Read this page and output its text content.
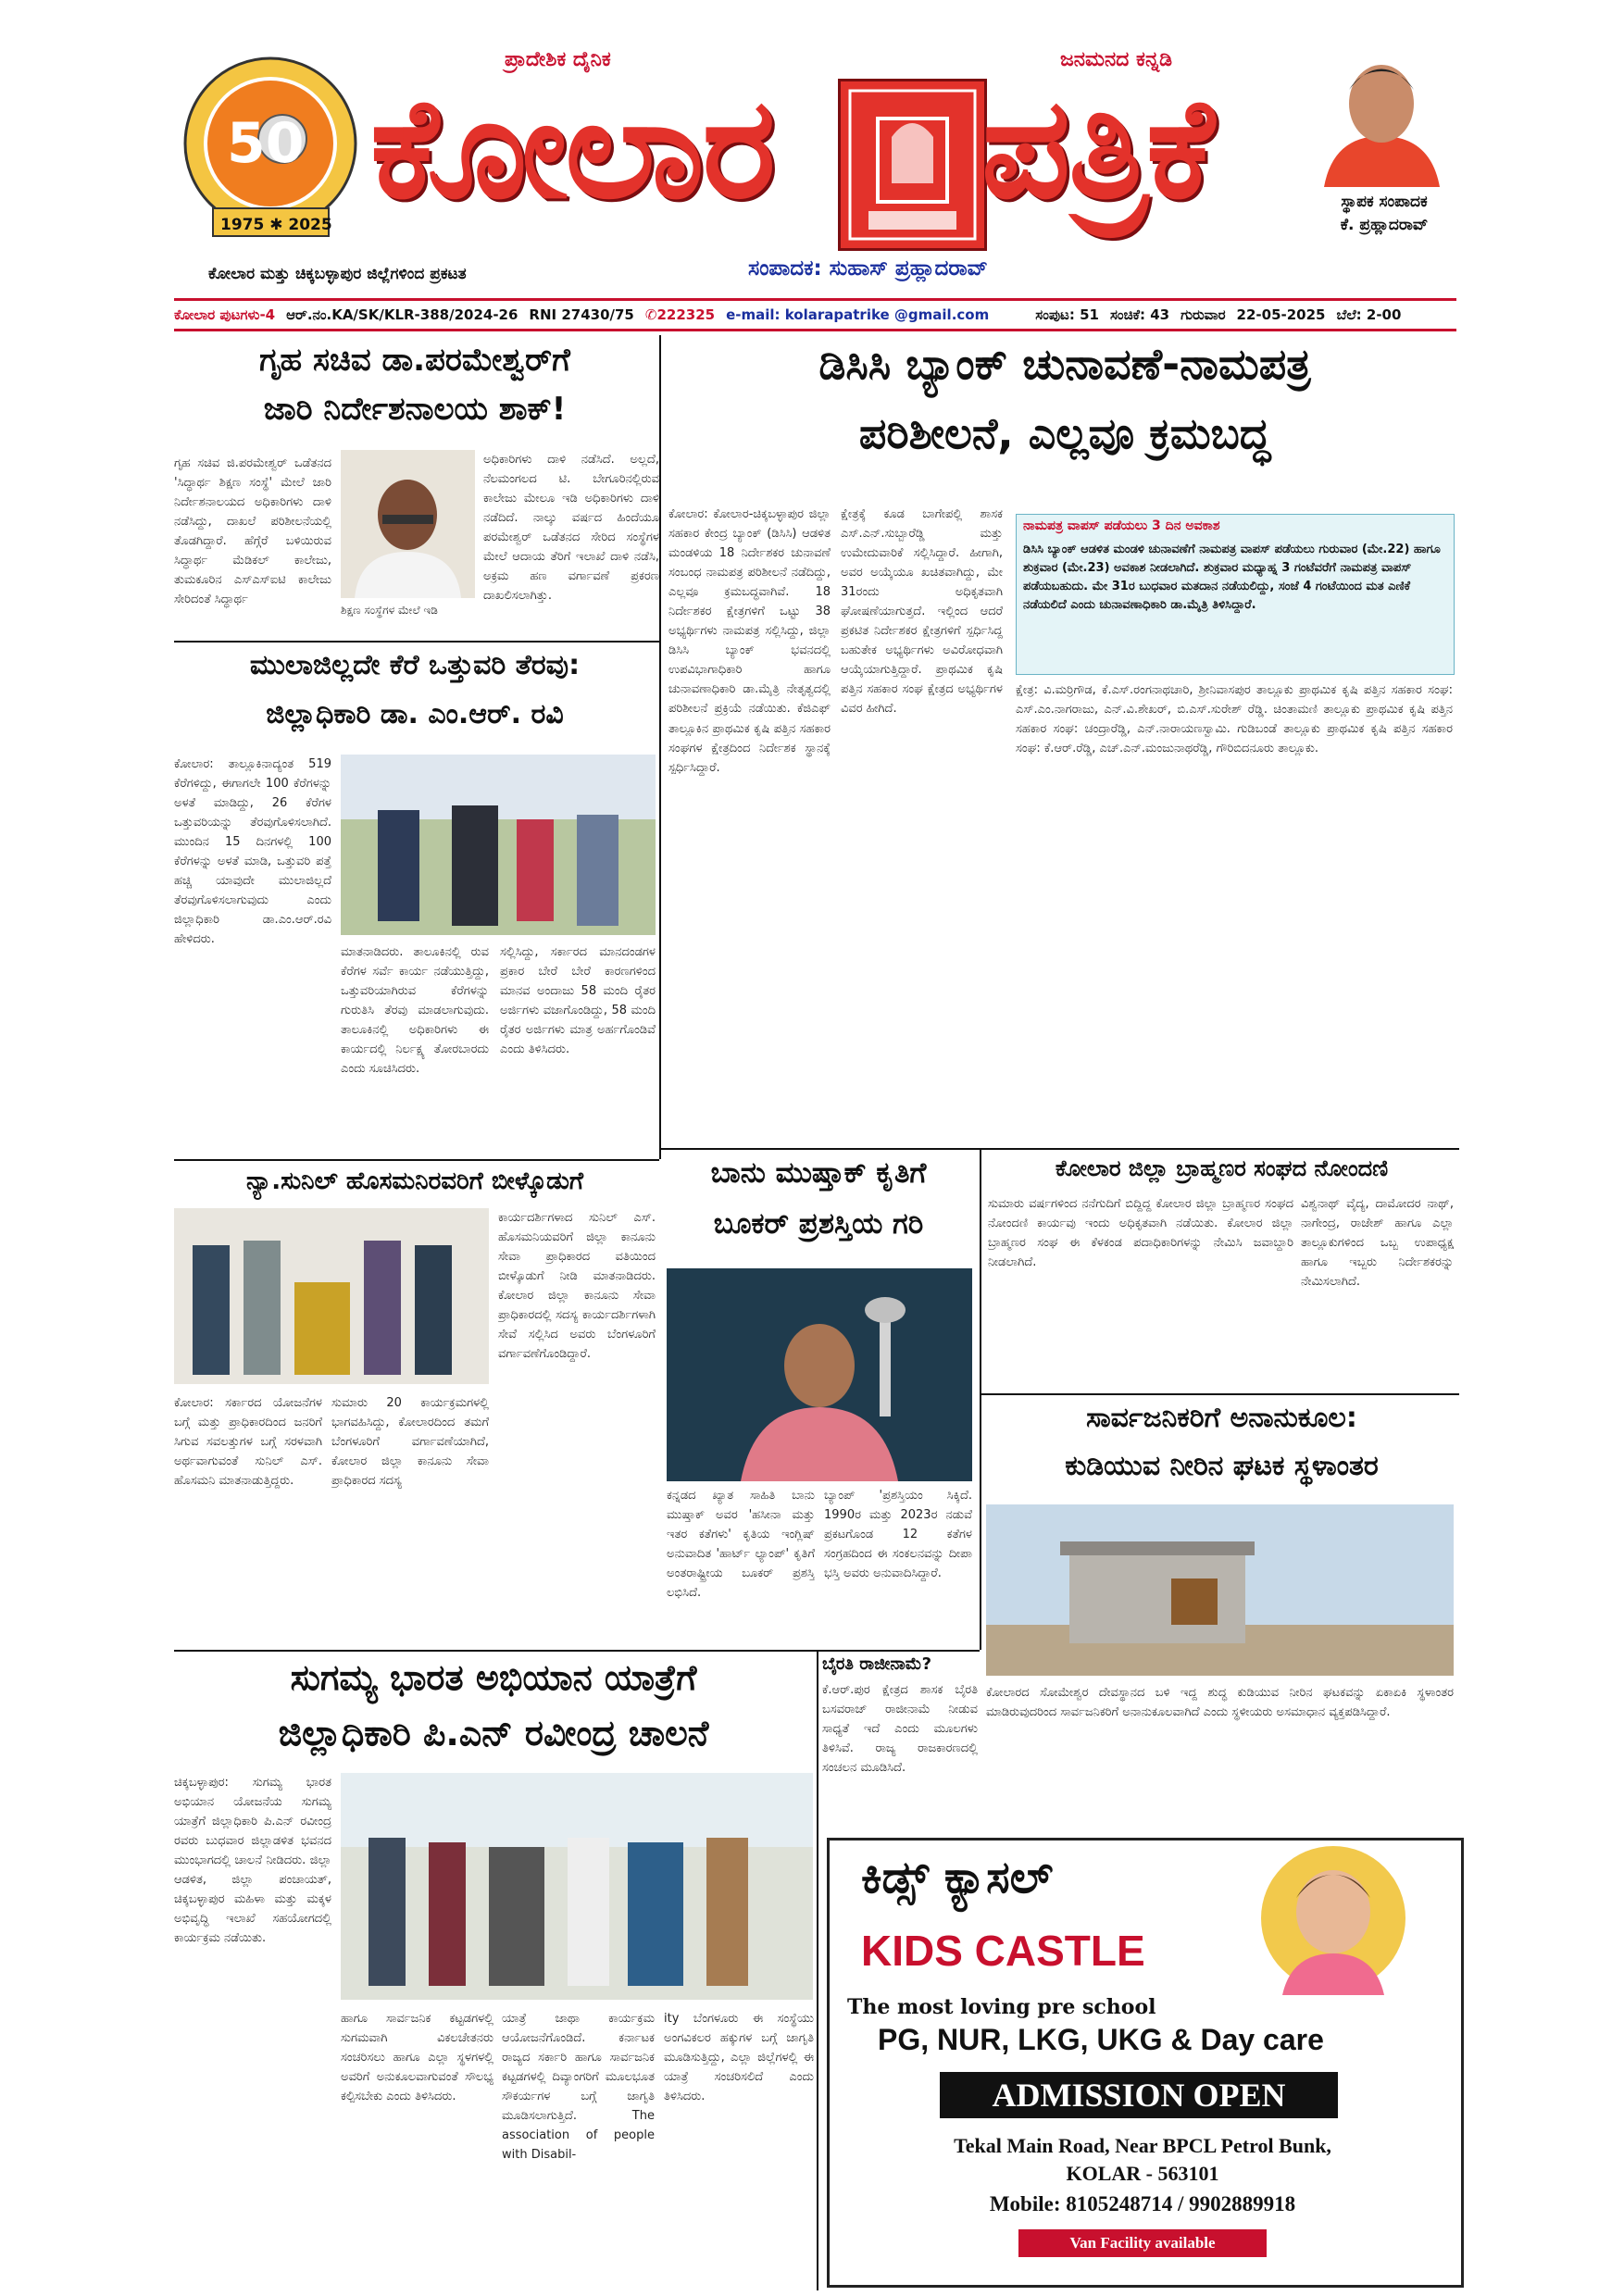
50
1975 ✱ 2025
ಪ್ರಾದೇಶಿಕ ದೈನಿಕ	ಜನಮನದ ಕನ್ನಡಿ
ಕೋಲಾರ ಪತ್ರಿಕೆ
ಸಂಪಾದಕ: ಸುಹಾಸ್ ಪ್ರಹ್ಲಾದರಾವ್
ಕೋಲಾರ ಮತ್ತು ಚಿಕ್ಕಬಳ್ಳಾಪುರ ಜಿಲ್ಲೆಗಳಿಂದ ಪ್ರಕಟತ
ಸ್ಥಾಪಕ ಸಂಪಾದಕ
ಕೆ. ಪ್ರಹ್ಲಾದರಾವ್
ಕೋಲಾರ ಪುಟಗಳು-4 ಆರ್.ನಂ.KA/SK/KLR-388/2024-26 RNI 27430/75 ✆222325 e-mail: kolarapatrike @gmail.com	ಸಂಪುಟ: 51 ಸಂಚಿಕೆ: 43 ಗುರುವಾರ 22-05-2025 ಬೆಲೆ: 2-00
ಗೃಹ ಸಚಿವ ಡಾ.ಪರಮೇಶ್ವರ್‌ಗೆ
ಜಾರಿ ನಿರ್ದೇಶನಾಲಯ ಶಾಕ್!
ಗೃಹ ಸಚಿವ ಜಿ.ಪರಮೇಶ್ವರ್ ಒಡೆತನದ 'ಸಿದ್ಧಾರ್ಥ ಶಿಕ್ಷಣ ಸಂಸ್ಥೆ' ಮೇಲೆ ಜಾರಿ ನಿರ್ದೇಶನಾಲಯದ ಅಧಿಕಾರಿಗಳು ದಾಳಿ ನಡೆಸಿದ್ದು, ದಾಖಲೆ ಪರಿಶೀಲನೆಯಲ್ಲಿ ತೊಡಗಿದ್ದಾರೆ. ಹೆಗ್ಗೆರೆ ಬಳಿಯಿರುವ ಸಿದ್ಧಾರ್ಥ ಮೆಡಿಕಲ್ ಕಾಲೇಜು, ತುಮಕೂರಿನ ಎಸ್‌ಎಸ್‌ಐಟಿ ಕಾಲೇಜು ಸೇರಿದಂತೆ ಸಿದ್ಧಾರ್ಥ
ಶಿಕ್ಷಣ ಸಂಸ್ಥೆಗಳ ಮೇಲೆ ಇಡಿ
ಅಧಿಕಾರಿಗಳು ದಾಳಿ ನಡೆಸಿದೆ. ಅಲ್ಲದೆ, ನೆಲಮಂಗಲದ ಟಿ. ಬೇಗೂರಿನಲ್ಲಿರುವ ಕಾಲೇಜು ಮೇಲೂ ಇಡಿ ಅಧಿಕಾರಿಗಳು ದಾಳಿ ನಡೆದಿದೆ. ನಾಲ್ಕು ವರ್ಷದ ಹಿಂದೆಯೂ ಪರಮೇಶ್ವರ್ ಒಡೆತನದ ಸೇರಿದ ಸಂಸ್ಥೆಗಳ ಮೇಲೆ ಆದಾಯ ತೆರಿಗೆ ಇಲಾಖೆ ದಾಳಿ ನಡೆಸಿ, ಅಕ್ರಮ ಹಣ ವರ್ಗಾವಣೆ ಪ್ರಕರಣ ದಾಖಲಿಸಲಾಗಿತ್ತು.
ಡಿಸಿಸಿ ಬ್ಯಾಂಕ್ ಚುನಾವಣೆ-ನಾಮಪತ್ರ
ಪರಿಶೀಲನೆ, ಎಲ್ಲವೂ ಕ್ರಮಬದ್ಧ
ಕೋಲಾರ: ಕೋಲಾರ-ಚಿಕ್ಕಬಳ್ಳಾಪುರ ಜಿಲ್ಲಾ ಸಹಕಾರ ಕೇಂದ್ರ ಬ್ಯಾಂಕ್ (ಡಿಸಿಸಿ) ಆಡಳಿತ ಮಂಡಳಿಯ 18 ನಿರ್ದೇಶಕರ ಚುನಾವಣೆ ಸಂಬಂಧ ನಾಮಪತ್ರ ಪರಿಶೀಲನೆ ನಡೆದಿದ್ದು, ಎಲ್ಲವೂ ಕ್ರಮಬದ್ಧವಾಗಿವೆ. 18 ನಿರ್ದೇಶಕರ ಕ್ಷೇತ್ರಗಳಿಗೆ ಒಟ್ಟು 38 ಅಭ್ಯರ್ಥಿಗಳು ನಾಮಪತ್ರ ಸಲ್ಲಿಸಿದ್ದು, ಜಿಲ್ಲಾ ಡಿಸಿಸಿ ಬ್ಯಾಂಕ್ ಭವನದಲ್ಲಿ ಉಪವಿಭಾಗಾಧಿಕಾರಿ ಹಾಗೂ ಚುನಾವಣಾಧಿಕಾರಿ ಡಾ.ಮೈತ್ರಿ ನೇತೃತ್ವದಲ್ಲಿ ಪರಿಶೀಲನೆ ಪ್ರಕ್ರಿಯೆ ನಡೆಯಿತು. ಕೆಜಿಎಫ್ ತಾಲ್ಲೂಕಿನ ಪ್ರಾಥಮಿಕ ಕೃಷಿ ಪತ್ತಿನ ಸಹಕಾರ ಸಂಘಗಳ ಕ್ಷೇತ್ರದಿಂದ ನಿರ್ದೇಶಕ ಸ್ಥಾನಕ್ಕೆ ಸ್ಪರ್ಧಿಸಿದ್ದಾರೆ.
ಕ್ಷೇತ್ರಕ್ಕೆ ಕೂಡ ಬಾಗೇಪಲ್ಲಿ ಶಾಸಕ ಎಸ್.ಎನ್.ಸುಬ್ಬಾರೆಡ್ಡಿ ಮತ್ತು ಉಮೇದುವಾರಿಕೆ ಸಲ್ಲಿಸಿದ್ದಾರೆ. ಹೀಗಾಗಿ, ಅವರ ಅಯ್ಕೆಯೂ ಖಚಿತವಾಗಿದ್ದು, ಮೇ 31ರಂದು ಅಧಿಕೃತವಾಗಿ ಘೋಷಣೆಯಾಗುತ್ತದೆ. ಇಲ್ಲಿಂದ ಆದರೆ ಪ್ರಕಟಿತ ನಿರ್ದೇಶಕರ ಕ್ಷೇತ್ರಗಳಿಗೆ ಸ್ಪರ್ಧಿಸಿದ್ದ ಬಹುತೇಕ ಅಭ್ಯರ್ಥಿಗಳು ಅವಿರೋಧವಾಗಿ ಆಯ್ಕೆಯಾಗುತ್ತಿದ್ದಾರೆ. ಪ್ರಾಥಮಿಕ ಕೃಷಿ ಪತ್ತಿನ ಸಹಕಾರ ಸಂಘ ಕ್ಷೇತ್ರದ ಅಭ್ಯರ್ಥಿಗಳ ವಿವರ ಹೀಗಿದೆ.
ಕ್ಷೇತ್ರ: ವಿ.ಮರ್ರಿಗೌಡ, ಕೆ.ಎಸ್.ರಂಗನಾಥಚಾರಿ, ಶ್ರೀನಿವಾಸಪುರ ತಾಲ್ಲೂಕು ಪ್ರಾಥಮಿಕ ಕೃಷಿ ಪತ್ತಿನ ಸಹಕಾರ ಸಂಘ: ಎಸ್.ಎಂ.ನಾಗರಾಜು, ಎನ್.ವಿ.ಶೇಖರ್, ಬಿ.ಎಸ್.ಸುರೇಶ್ ರೆಡ್ಡಿ. ಚಿಂತಾಮಣಿ ತಾಲ್ಲೂಕು ಪ್ರಾಥಮಿಕ ಕೃಷಿ ಪತ್ತಿನ ಸಹಕಾರ ಸಂಘ: ಚಂದ್ರಾರೆಡ್ಡಿ, ಎನ್.ನಾರಾಯಣಸ್ವಾಮಿ. ಗುಡಿಬಂಡೆ ತಾಲ್ಲೂಕು ಪ್ರಾಥಮಿಕ ಕೃಷಿ ಪತ್ತಿನ ಸಹಕಾರ ಸಂಘ: ಕೆ.ಆರ್.ರೆಡ್ಡಿ, ಎಚ್.ಎನ್.ಮಂಜುನಾಥರೆಡ್ಡಿ, ಗೌರಿಬಿದನೂರು ತಾಲ್ಲೂಕು.
ನಾಮಪತ್ರ ವಾಪಸ್ ಪಡೆಯಲು 3 ದಿನ ಅವಕಾಶ
ಡಿಸಿಸಿ ಬ್ಯಾಂಕ್ ಆಡಳಿತ ಮಂಡಳಿ ಚುನಾವಣೆಗೆ ನಾಮಪತ್ರ ವಾಪಸ್ ಪಡೆಯಲು ಗುರುವಾರ (ಮೇ.22) ಹಾಗೂ ಶುಕ್ರವಾರ (ಮೇ.23) ಅವಕಾಶ ನೀಡಲಾಗಿದೆ. ಶುಕ್ರವಾರ ಮಧ್ಯಾಹ್ನ 3 ಗಂಟೆವರೆಗೆ ನಾಮಪತ್ರ ವಾಪಸ್ ಪಡೆಯಬಹುದು. ಮೇ 31ರ ಬುಧವಾರ ಮತದಾನ ನಡೆಯಲಿದ್ದು, ಸಂಜೆ 4 ಗಂಟೆಯಿಂದ ಮತ ಎಣಿಕೆ ನಡೆಯಲಿದೆ ಎಂದು ಚುನಾವಣಾಧಿಕಾರಿ ಡಾ.ಮೈತ್ರಿ ತಿಳಿಸಿದ್ದಾರೆ.
ಮುಲಾಜಿಲ್ಲದೇ ಕೆರೆ ಒತ್ತುವರಿ ತೆರವು:
ಜಿಲ್ಲಾಧಿಕಾರಿ ಡಾ. ಎಂ.ಆರ್. ರವಿ
ಕೋಲಾರ: ತಾಲ್ಲೂಕಿನಾದ್ಯಂತ 519 ಕೆರೆಗಳಿದ್ದು, ಈಗಾಗಲೇ 100 ಕೆರೆಗಳನ್ನು ಅಳತೆ ಮಾಡಿದ್ದು, 26 ಕೆರೆಗಳ ಒತ್ತುವರಿಯನ್ನು ತೆರವುಗೊಳಿಸಲಾಗಿದೆ. ಮುಂದಿನ 15 ದಿನಗಳಲ್ಲಿ 100 ಕೆರೆಗಳನ್ನು ಅಳತೆ ಮಾಡಿ, ಒತ್ತುವರಿ ಪತ್ತೆ ಹಚ್ಚಿ ಯಾವುದೇ ಮುಲಾಜಿಲ್ಲದೆ ತೆರವುಗೊಳಿಸಲಾಗುವುದು ಎಂದು ಜಿಲ್ಲಾಧಿಕಾರಿ ಡಾ.ಎಂ.ಆರ್.ರವಿ ಹೇಳಿದರು.
ಮಾತನಾಡಿದರು. ತಾಲೂಕಿನಲ್ಲಿ ರುವ ಕೆರೆಗಳ ಸರ್ವೆ ಕಾರ್ಯ ನಡೆಯುತ್ತಿದ್ದು, ಒತ್ತುವರಿಯಾಗಿರುವ ಕೆರೆಗಳನ್ನು ಗುರುತಿಸಿ ತೆರವು ಮಾಡಲಾಗುವುದು. ತಾಲೂಕಿನಲ್ಲಿ ಅಧಿಕಾರಿಗಳು ಈ ಕಾರ್ಯದಲ್ಲಿ ನಿರ್ಲಕ್ಷ್ಯ ತೋರಬಾರದು ಎಂದು ಸೂಚಿಸಿದರು.
ಸಲ್ಲಿಸಿದ್ದು, ಸರ್ಕಾರದ ಮಾನದಂಡಗಳ ಪ್ರಕಾರ ಬೇರೆ ಬೇರೆ ಕಾರಣಗಳಿಂದ ಮಾನವ ಅಂದಾಜು 58 ಮಂದಿ ರೈತರ ಅರ್ಜಿಗಳು ವಜಾಗೊಂಡಿದ್ದು, 58 ಮಂದಿ ರೈತರ ಅರ್ಜಿಗಳು ಮಾತ್ರ ಅರ್ಹಗೊಂಡಿವೆ ಎಂದು ತಿಳಿಸಿದರು.
ನ್ಯಾ.ಸುನಿಲ್ ಹೊಸಮನಿರವರಿಗೆ ಬೀಳ್ಕೊಡುಗೆ
ಕಾರ್ಯದರ್ಶಿಗಳಾದ ಸುನಿಲ್ ಎಸ್. ಹೊಸಮನಿಯವರಿಗೆ ಜಿಲ್ಲಾ ಕಾನೂನು ಸೇವಾ ಪ್ರಾಧಿಕಾರದ ವತಿಯಿಂದ ಬೀಳ್ಕೊಡುಗೆ ನೀಡಿ ಮಾತನಾಡಿದರು. ಕೋಲಾರ ಜಿಲ್ಲಾ ಕಾನೂನು ಸೇವಾ ಪ್ರಾಧಿಕಾರದಲ್ಲಿ ಸದಸ್ಯ ಕಾರ್ಯದರ್ಶಿಗಳಾಗಿ ಸೇವೆ ಸಲ್ಲಿಸಿದ ಅವರು ಬೆಂಗಳೂರಿಗೆ ವರ್ಗಾವಣೆಗೊಂಡಿದ್ದಾರೆ.
ಕೋಲಾರ: ಸರ್ಕಾರದ ಯೋಜನೆಗಳ ಬಗ್ಗೆ ಮತ್ತು ಪ್ರಾಧಿಕಾರದಿಂದ ಜನರಿಗೆ ಸಿಗುವ ಸವಲತ್ತುಗಳ ಬಗ್ಗೆ ಸರಳವಾಗಿ ಅರ್ಥವಾಗುವಂತೆ ಸುನಿಲ್ ಎಸ್. ಹೊಸಮನಿ ಮಾತನಾಡುತ್ತಿದ್ದರು.
ಸುಮಾರು 20 ಕಾರ್ಯಕ್ರಮಗಳಲ್ಲಿ ಭಾಗವಹಿಸಿದ್ದು, ಕೋಲಾರದಿಂದ ತಮಗೆ ಬೆಂಗಳೂರಿಗೆ ವರ್ಗಾವಣೆಯಾಗಿದೆ, ಕೋಲಾರ ಜಿಲ್ಲಾ ಕಾನೂನು ಸೇವಾ ಪ್ರಾಧಿಕಾರದ ಸದಸ್ಯ
ಬಾನು ಮುಷ್ತಾಕ್ ಕೃತಿಗೆ
ಬೂಕರ್ ಪ್ರಶಸ್ತಿಯ ಗರಿ
ಕನ್ನಡದ ಖ್ಯಾತ ಸಾಹಿತಿ ಬಾನು ಮುಷ್ತಾಕ್ ಅವರ 'ಹಸೀನಾ ಮತ್ತು ಇತರ ಕತೆಗಳು' ಕೃತಿಯ ಇಂಗ್ಲಿಷ್ ಅನುವಾದಿತ 'ಹಾರ್ಟ್ ಲ್ಯಾಂಪ್' ಕೃತಿಗೆ ಅಂತರಾಷ್ಟ್ರೀಯ ಬೂಕರ್ ಪ್ರಶಸ್ತಿ ಲಭಿಸಿದೆ.
ಬ್ಯಾಂಪ್ 'ಪ್ರಶಸ್ತಿಯಂ ಸಿಕ್ಕಿದೆ. 1990ರ ಮತ್ತು 2023ರ ನಡುವೆ ಪ್ರಕಟಗೊಂಡ 12 ಕತೆಗಳ ಸಂಗ್ರಹದಿಂದ ಈ ಸಂಕಲನವನ್ನು ದೀಪಾ ಭಸ್ತಿ ಅವರು ಅನುವಾದಿಸಿದ್ದಾರೆ.
ಕೋಲಾರ ಜಿಲ್ಲಾ ಬ್ರಾಹ್ಮಣರ ಸಂಘದ ನೋಂದಣಿ
ಸುಮಾರು ವರ್ಷಗಳಿಂದ ನನೆಗುದಿಗೆ ಬಿದ್ದಿದ್ದ ಕೋಲಾರ ಜಿಲ್ಲಾ ಬ್ರಾಹ್ಮಣರ ಸಂಘದ ನೋಂದಣಿ ಕಾರ್ಯವು ಇಂದು ಅಧಿಕೃತವಾಗಿ ನಡೆಯಿತು. ಕೋಲಾರ ಜಿಲ್ಲಾ ಬ್ರಾಹ್ಮಣರ ಸಂಘ ಈ ಕೆಳಕಂಡ ಪದಾಧಿಕಾರಿಗಳನ್ನು ನೇಮಿಸಿ ಜವಾಬ್ದಾರಿ ನೀಡಲಾಗಿದೆ.
ವಿಶ್ವನಾಥ್ ವೈದ್ಯ, ದಾಮೋದರ ನಾಥ್, ನಾಗೇಂದ್ರ, ರಾಜೇಶ್ ಹಾಗೂ ಎಲ್ಲಾ ತಾಲ್ಲೂಕುಗಳಿಂದ ಒಬ್ಬ ಉಪಾಧ್ಯಕ್ಷ ಹಾಗೂ ಇಬ್ಬರು ನಿರ್ದೇಶಕರನ್ನು ನೇಮಿಸಲಾಗಿದೆ.
ಸಾರ್ವಜನಿಕರಿಗೆ ಅನಾನುಕೂಲ:
ಕುಡಿಯುವ ನೀರಿನ ಘಟಕ ಸ್ಥಳಾಂತರ
ಕೋಲಾರದ ಸೋಮೇಶ್ವರ ದೇವಸ್ಥಾನದ ಬಳಿ ಇದ್ದ ಶುದ್ಧ ಕುಡಿಯುವ ನೀರಿನ ಘಟಕವನ್ನು ಏಕಾಏಕಿ ಸ್ಥಳಾಂತರ ಮಾಡಿರುವುದರಿಂದ ಸಾರ್ವಜನಿಕರಿಗೆ ಅನಾನುಕೂಲವಾಗಿದೆ ಎಂದು ಸ್ಥಳೀಯರು ಅಸಮಾಧಾನ ವ್ಯಕ್ತಪಡಿಸಿದ್ದಾರೆ.
ಸುಗಮ್ಯ ಭಾರತ ಅಭಿಯಾನ ಯಾತ್ರೆಗೆ
ಜಿಲ್ಲಾಧಿಕಾರಿ ಪಿ.ಎನ್ ರವೀಂದ್ರ ಚಾಲನೆ
ಚಿಕ್ಕಬಳ್ಳಾಪುರ: ಸುಗಮ್ಯ ಭಾರತ ಅಭಿಯಾನ ಯೋಜನೆಯ ಸುಗಮ್ಯ ಯಾತ್ರೆಗೆ ಜಿಲ್ಲಾಧಿಕಾರಿ ಪಿ.ಎನ್ ರವೀಂದ್ರ ರವರು ಬುಧವಾರ ಜಿಲ್ಲಾಡಳಿತ ಭವನದ ಮುಂಭಾಗದಲ್ಲಿ ಚಾಲನೆ ನೀಡಿದರು. ಜಿಲ್ಲಾ ಆಡಳಿತ, ಜಿಲ್ಲಾ ಪಂಚಾಯತ್, ಚಿಕ್ಕಬಳ್ಳಾಪುರ ಮಹಿಳಾ ಮತ್ತು ಮಕ್ಕಳ ಅಭಿವೃದ್ಧಿ ಇಲಾಖೆ ಸಹಯೋಗದಲ್ಲಿ ಕಾರ್ಯಕ್ರಮ ನಡೆಯಿತು.
ಹಾಗೂ ಸಾರ್ವಜನಿಕ ಕಟ್ಟಡಗಳಲ್ಲಿ ಸುಗಮವಾಗಿ ವಿಕಲಚೇತನರು ಸಂಚರಿಸಲು ಹಾಗೂ ಎಲ್ಲಾ ಸ್ಥಳಗಳಲ್ಲಿ ಅವರಿಗೆ ಅನುಕೂಲವಾಗುವಂತೆ ಸೌಲಭ್ಯ ಕಲ್ಪಿಸಬೇಕು ಎಂದು ತಿಳಿಸಿದರು.
ಯಾತ್ರೆ ಜಾಥಾ ಕಾರ್ಯಕ್ರಮ ಆಯೋಜನೆಗೊಂಡಿದೆ. ಕರ್ನಾಟಕ ರಾಜ್ಯದ ಸರ್ಕಾರಿ ಹಾಗೂ ಸಾರ್ವಜನಿಕ ಕಟ್ಟಡಗಳಲ್ಲಿ ದಿವ್ಯಾಂಗರಿಗೆ ಮೂಲಭೂತ ಸೌಕರ್ಯಗಳ ಬಗ್ಗೆ ಜಾಗೃತಿ ಮೂಡಿಸಲಾಗುತ್ತಿದೆ. The association of people with Disabil-
ity ಬೆಂಗಳೂರು ಈ ಸಂಸ್ಥೆಯು ಅಂಗವಿಕಲರ ಹಕ್ಕುಗಳ ಬಗ್ಗೆ ಜಾಗೃತಿ ಮೂಡಿಸುತ್ತಿದ್ದು, ಎಲ್ಲಾ ಜಿಲ್ಲೆಗಳಲ್ಲಿ ಈ ಯಾತ್ರೆ ಸಂಚರಿಸಲಿದೆ ಎಂದು ತಿಳಿಸಿದರು.
ಬೈರತಿ ರಾಜೀನಾಮೆ?
ಕೆ.ಆರ್.ಪುರ ಕ್ಷೇತ್ರದ ಶಾಸಕ ಬೈರತಿ ಬಸವರಾಜ್ ರಾಜೀನಾಮೆ ನೀಡುವ ಸಾಧ್ಯತೆ ಇದೆ ಎಂದು ಮೂಲಗಳು ತಿಳಿಸಿವೆ. ರಾಜ್ಯ ರಾಜಕಾರಣದಲ್ಲಿ ಸಂಚಲನ ಮೂಡಿಸಿದೆ.
ಕಿಡ್ಸ್ ಕ್ಯಾಸಲ್
KIDS CASTLE
The most loving pre school
PG, NUR, LKG, UKG & Day care
ADMISSION OPEN
Tekal Main Road, Near BPCL Petrol Bunk,
KOLAR - 563101
Mobile: 8105248714 / 9902889918
Van Facility available
